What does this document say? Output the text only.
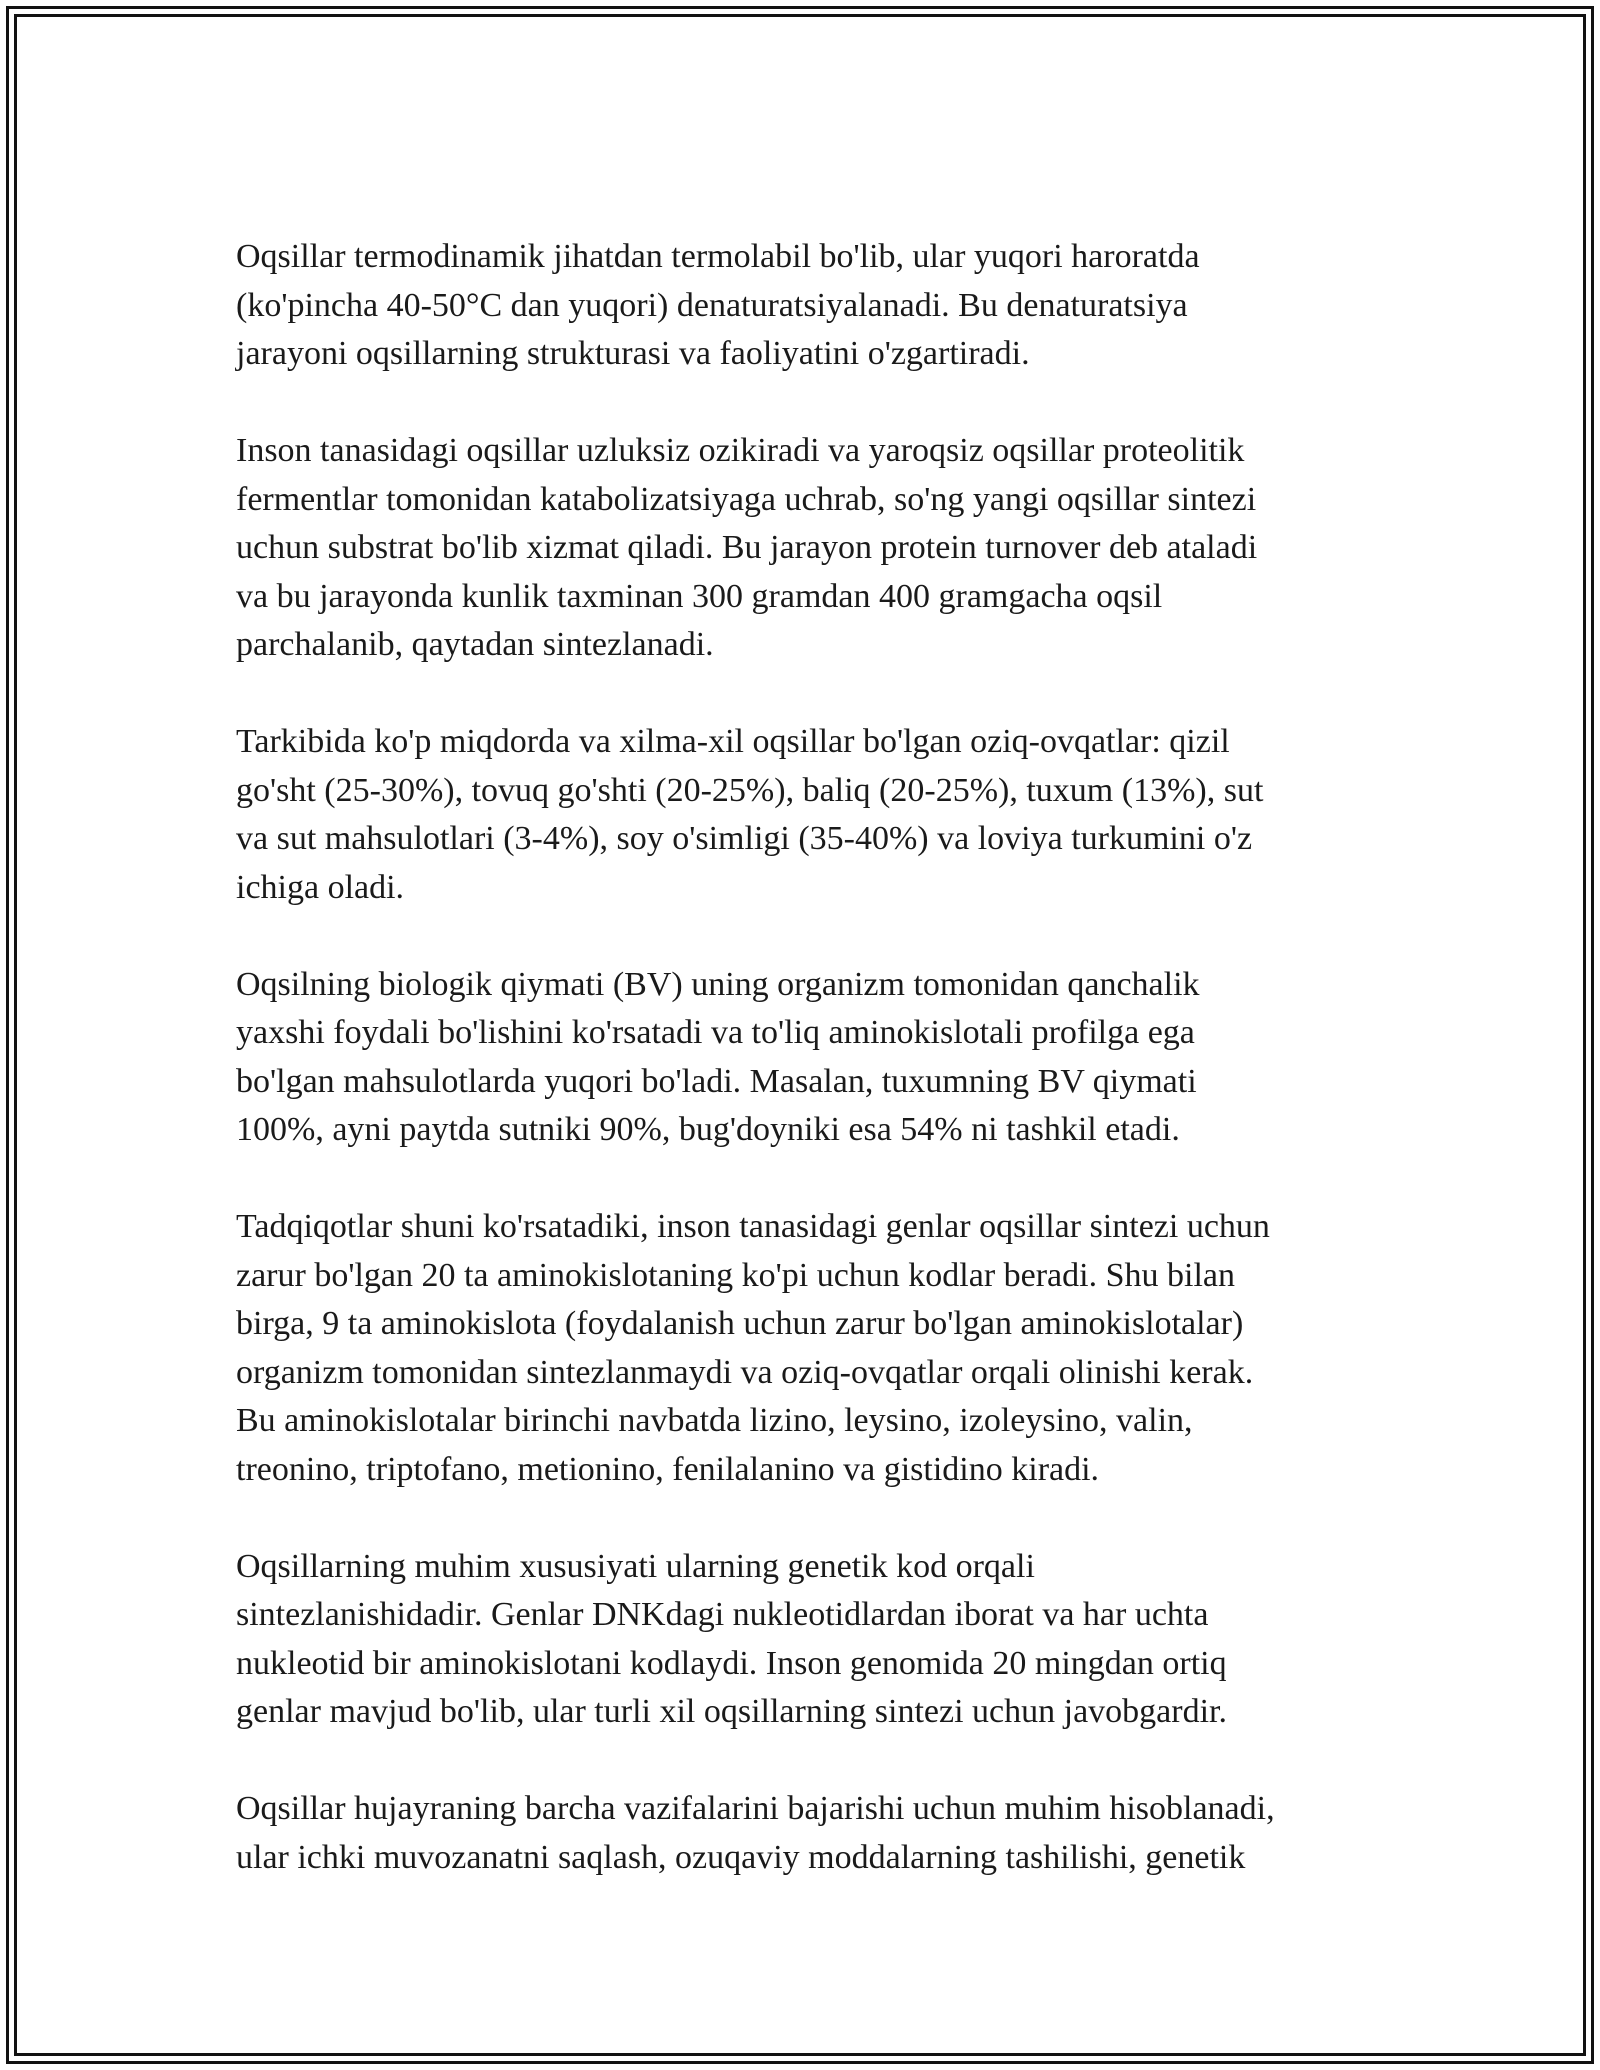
Oqsillar termodinamik jihatdan termolabil bo'lib, ular yuqori haroratda
(ko'pincha 40-50°C dan yuqori) denaturatsiyalanadi. Bu denaturatsiya
jarayoni oqsillarning strukturasi va faoliyatini o'zgartiradi.

Inson tanasidagi oqsillar uzluksiz ozikiradi va yaroqsiz oqsillar proteolitik
fermentlar tomonidan katabolizatsiyaga uchrab, so'ng yangi oqsillar sintezi
uchun substrat bo'lib xizmat qiladi. Bu jarayon protein turnover deb ataladi
va bu jarayonda kunlik taxminan 300 gramdan 400 gramgacha oqsil
parchalanib, qaytadan sintezlanadi.

Tarkibida ko'p miqdorda va xilma-xil oqsillar bo'lgan oziq-ovqatlar: qizil
go'sht (25-30%), tovuq go'shti (20-25%), baliq (20-25%), tuxum (13%), sut
va sut mahsulotlari (3-4%), soy o'simligi (35-40%) va loviya turkumini o'z
ichiga oladi.

Oqsilning biologik qiymati (BV) uning organizm tomonidan qanchalik
yaxshi foydali bo'lishini ko'rsatadi va to'liq aminokislotali profilga ega
bo'lgan mahsulotlarda yuqori bo'ladi. Masalan, tuxumning BV qiymati
100%, ayni paytda sutniki 90%, bug'doyniki esa 54% ni tashkil etadi.

Tadqiqotlar shuni ko'rsatadiki, inson tanasidagi genlar oqsillar sintezi uchun
zarur bo'lgan 20 ta aminokislotaning ko'pi uchun kodlar beradi. Shu bilan
birga, 9 ta aminokislota (foydalanish uchun zarur bo'lgan aminokislotalar)
organizm tomonidan sintezlanmaydi va oziq-ovqatlar orqali olinishi kerak.
Bu aminokislotalar birinchi navbatda lizino, leysino, izoleysino, valin,
treonino, triptofano, metionino, fenilalanino va gistidino kiradi.

Oqsillarning muhim xususiyati ularning genetik kod orqali
sintezlanishidadir. Genlar DNKdagi nukleotidlardan iborat va har uchta
nukleotid bir aminokislotani kodlaydi. Inson genomida 20 mingdan ortiq
genlar mavjud bo'lib, ular turli xil oqsillarning sintezi uchun javobgardir.

Oqsillar hujayraning barcha vazifalarini bajarishi uchun muhim hisoblanadi,
ular ichki muvozanatni saqlash, ozuqaviy moddalarning tashilishi, genetik
